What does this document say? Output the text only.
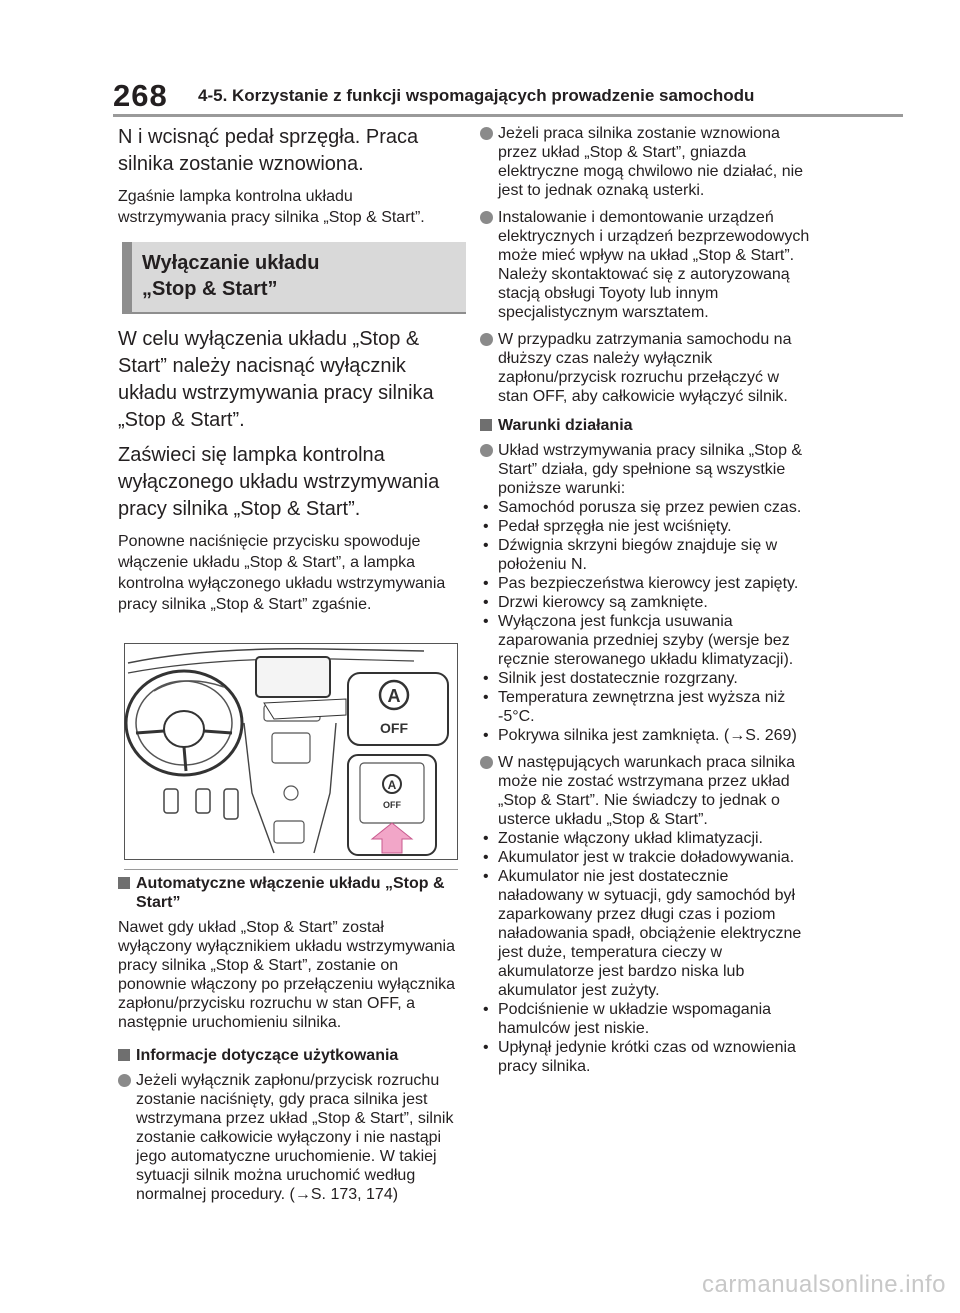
268 4-5. Korzystanie z funkcji wspomagających prowadzenie samochodu

N i wcisnąć pedał sprzęgła. Praca silnika zostanie wznowiona.

Zgaśnie lampka kontrolna układu wstrzymywania pracy silnika „Stop & Start”.

Wyłączanie układu
„Stop & Start”

W celu wyłączenia układu „Stop & Start” należy nacisnąć wyłącznik układu wstrzymywania pracy silnika „Stop & Start”.

Zaświeci się lampka kontrolna wyłączonego układu wstrzymywania pracy silnika „Stop & Start”.

Ponowne naciśnięcie przycisku spowoduje włączenie układu „Stop & Start”, a lampka kontrolna wyłączonego układu wstrzymywania pracy silnika „Stop & Start” zgaśnie.

A
OFF
A
OFF
Automatyczne włączenie układu „Stop & Start”

Nawet gdy układ „Stop & Start” został wyłączony wyłącznikiem układu wstrzymywania pracy silnika „Stop & Start”, zostanie on ponownie włączony po przełączeniu wyłącznika zapłonu/przycisku rozruchu w stan OFF, a następnie uruchomieniu silnika.

Informacje dotyczące użytkowania
Jeżeli wyłącznik zapłonu/przycisk rozruchu zostanie naciśnięty, gdy praca silnika jest wstrzymana przez układ „Stop & Start”, silnik zostanie całkowicie wyłączony i nie nastąpi jego automatyczne uruchomienie. W takiej sytuacji silnik można uruchomić według normalnej procedury. (→S. 173, 174)
Jeżeli praca silnika zostanie wznowiona przez układ „Stop & Start”, gniazda elektryczne mogą chwilowo nie działać, nie jest to jednak oznaką usterki.
Instalowanie i demontowanie urządzeń elektrycznych i urządzeń bezprzewodowych może mieć wpływ na układ „Stop & Start”. Należy skontaktować się z autoryzowaną stacją obsługi Toyoty lub innym specjalistycznym warsztatem.
W przypadku zatrzymania samochodu na dłuższy czas należy wyłącznik zapłonu/przycisk rozruchu przełączyć w stan OFF, aby całkowicie wyłączyć silnik.
Warunki działania
Układ wstrzymywania pracy silnika „Stop & Start” działa, gdy spełnione są wszystkie poniższe warunki:
• Samochód porusza się przez pewien czas.
• Pedał sprzęgła nie jest wciśnięty.
• Dźwignia skrzyni biegów znajduje się w położeniu N.
• Pas bezpieczeństwa kierowcy jest zapięty.
• Drzwi kierowcy są zamknięte.
• Wyłączona jest funkcja usuwania zaparowania przedniej szyby (wersje bez ręcznie sterowanego układu klimatyzacji).
• Silnik jest dostatecznie rozgrzany.
• Temperatura zewnętrzna jest wyższa niż -5°C.
• Pokrywa silnika jest zamknięta. (→S. 269)
W następujących warunkach praca silnika może nie zostać wstrzymana przez układ „Stop & Start”. Nie świadczy to jednak o usterce układu „Stop & Start”.
• Zostanie włączony układ klimatyzacji.
• Akumulator jest w trakcie doładowywania.
• Akumulator nie jest dostatecznie naładowany w sytuacji, gdy samochód był zaparkowany przez długi czas i poziom naładowania spadł, obciążenie elektryczne jest duże, temperatura cieczy w akumulatorze jest bardzo niska lub akumulator jest zużyty.
• Podciśnienie w układzie wspomagania hamulców jest niskie.
• Upłynął jedynie krótki czas od wznowienia pracy silnika.
carmanualsonline.info
